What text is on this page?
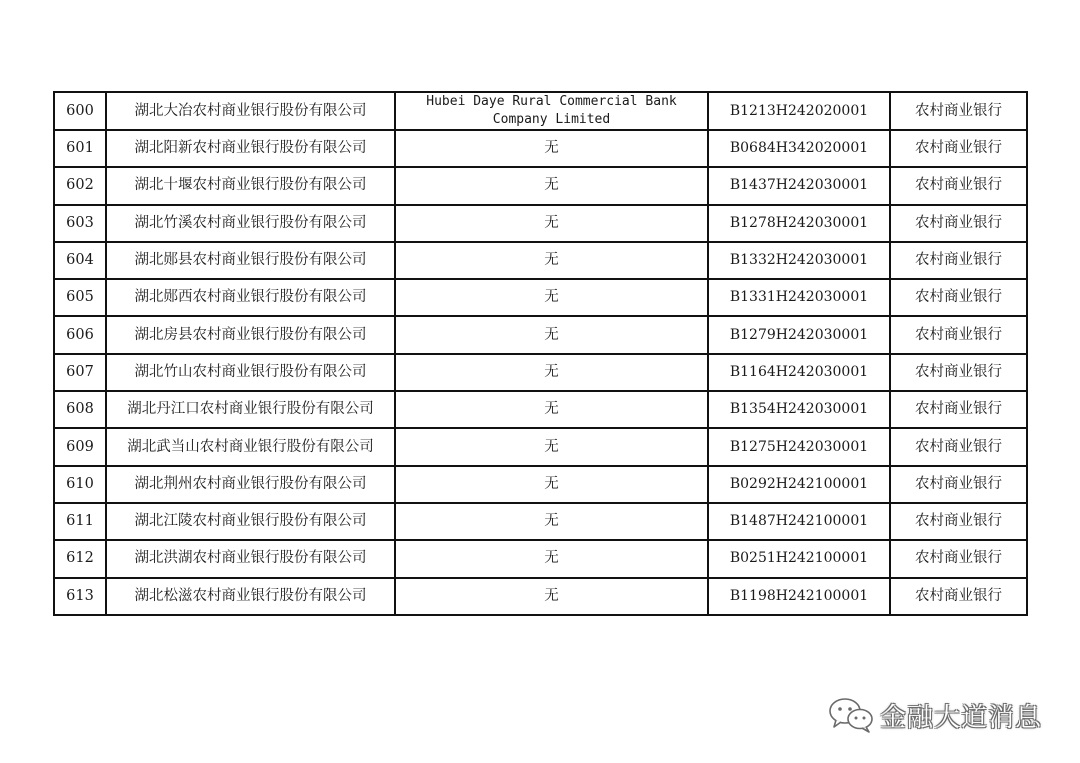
600	湖北大冶农村商业银行股份有限公司	Hubei Daye Rural Commercial Bank Company Limited	B1213H242020001	农村商业银行
601	湖北阳新农村商业银行股份有限公司	无	B0684H342020001	农村商业银行
602	湖北十堰农村商业银行股份有限公司	无	B1437H242030001	农村商业银行
603	湖北竹溪农村商业银行股份有限公司	无	B1278H242030001	农村商业银行
604	湖北郧县农村商业银行股份有限公司	无	B1332H242030001	农村商业银行
605	湖北郧西农村商业银行股份有限公司	无	B1331H242030001	农村商业银行
606	湖北房县农村商业银行股份有限公司	无	B1279H242030001	农村商业银行
607	湖北竹山农村商业银行股份有限公司	无	B1164H242030001	农村商业银行
608	湖北丹江口农村商业银行股份有限公司	无	B1354H242030001	农村商业银行
609	湖北武当山农村商业银行股份有限公司	无	B1275H242030001	农村商业银行
610	湖北荆州农村商业银行股份有限公司	无	B0292H242100001	农村商业银行
611	湖北江陵农村商业银行股份有限公司	无	B1487H242100001	农村商业银行
612	湖北洪湖农村商业银行股份有限公司	无	B0251H242100001	农村商业银行
613	湖北松滋农村商业银行股份有限公司	无	B1198H242100001	农村商业银行
金融大道消息
